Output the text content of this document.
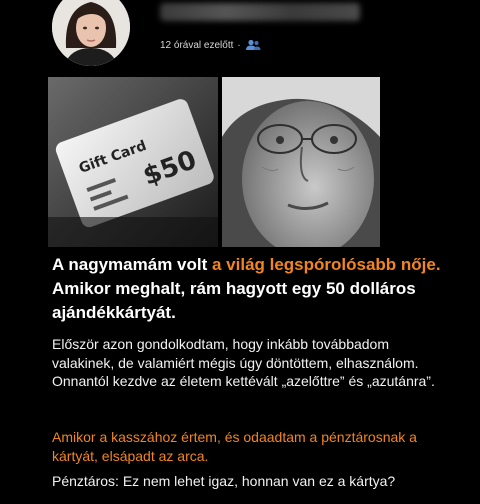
12 órával ezelőtt ·
Gift Card
$50

A nagymamám volt a világ legspórolósabb nője. Amikor meghalt, rám hagyott egy 50 dolláros ajándékkártyát.

Először azon gondolkodtam, hogy inkább továbbadom valakinek, de valamiért mégis úgy döntöttem, elhasználom. Onnantól kezdve az életem kettévált „azelőttre” és „azutánra”.

Amikor a kasszához értem, és odaadtam a pénztárosnak a kártyát, elsápadt az arca.

Pénztáros: Ez nem lehet igaz, honnan van ez a kártya?
